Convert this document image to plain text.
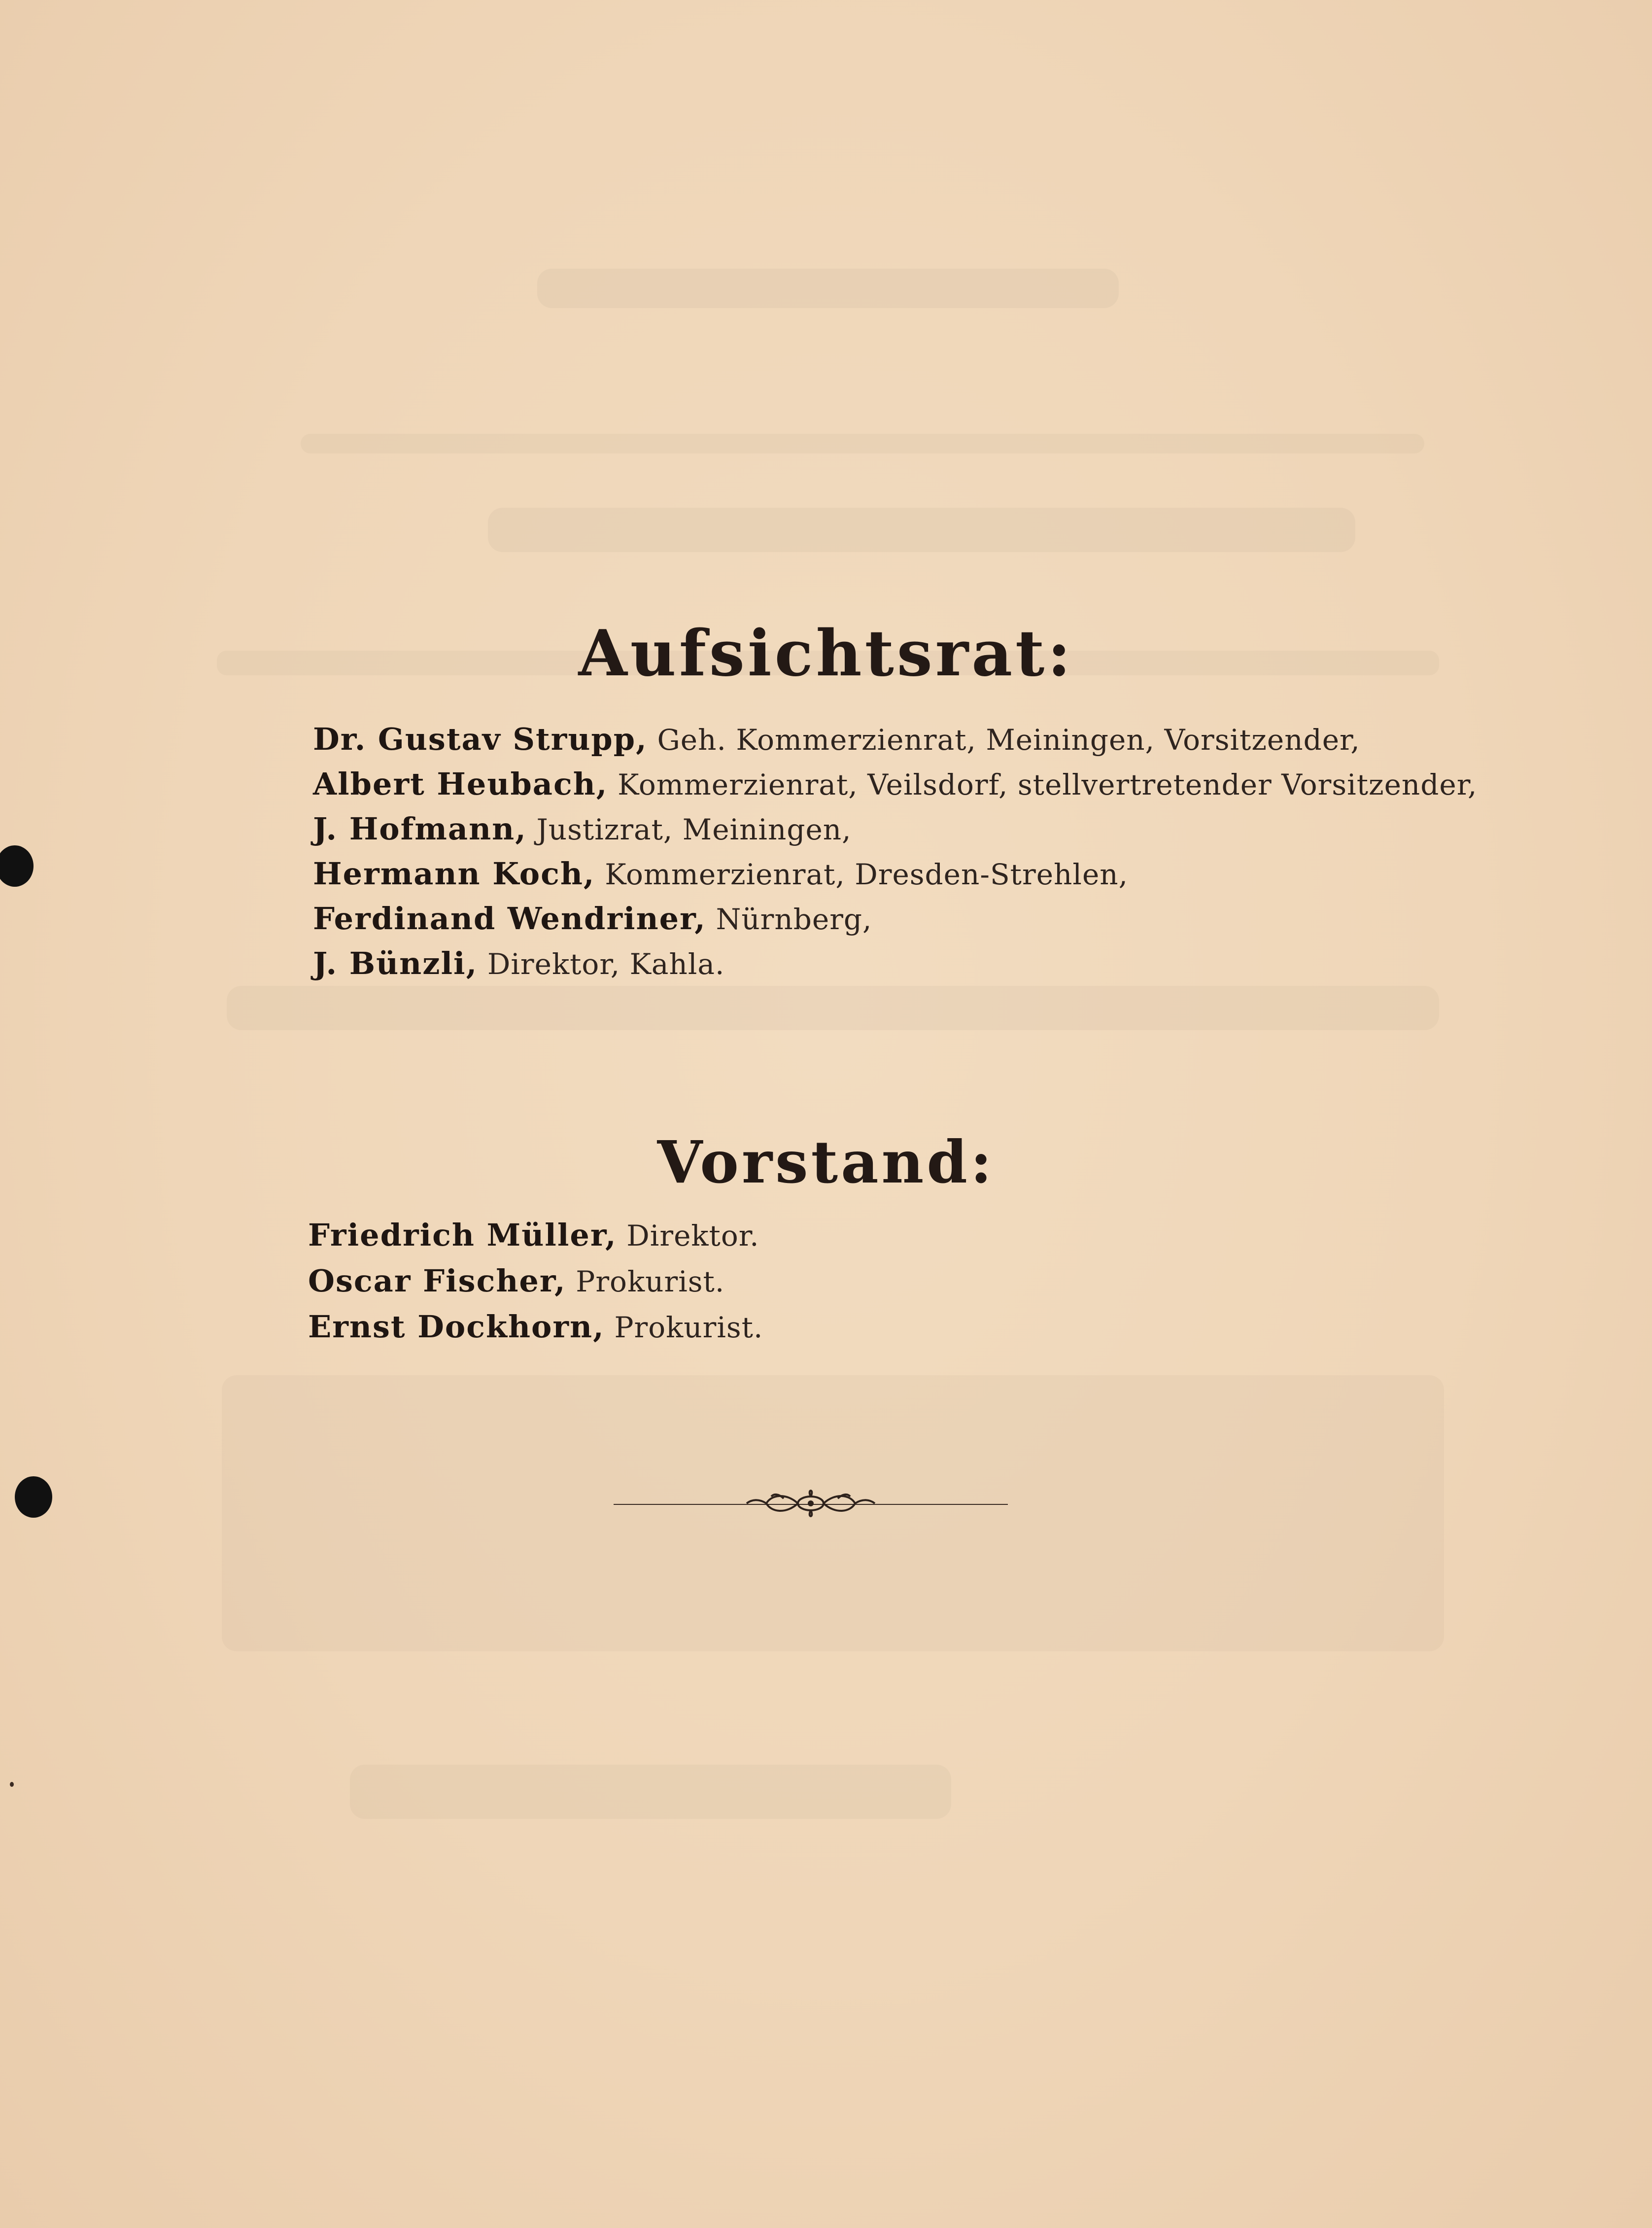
Aufsichtsrat:
Dr. Gustav Strupp, Geh. Kommerzienrat, Meiningen, Vorsitzender,
Albert Heubach, Kommerzienrat, Veilsdorf, stellvertretender Vorsitzender,
J. Hofmann, Justizrat, Meiningen,
Hermann Koch, Kommerzienrat, Dresden-Strehlen,
Ferdinand Wendriner, Nürnberg,
J. Bünzli, Direktor, Kahla.
Vorstand:
Friedrich Müller, Direktor.
Oscar Fischer, Prokurist.
Ernst Dockhorn, Prokurist.
